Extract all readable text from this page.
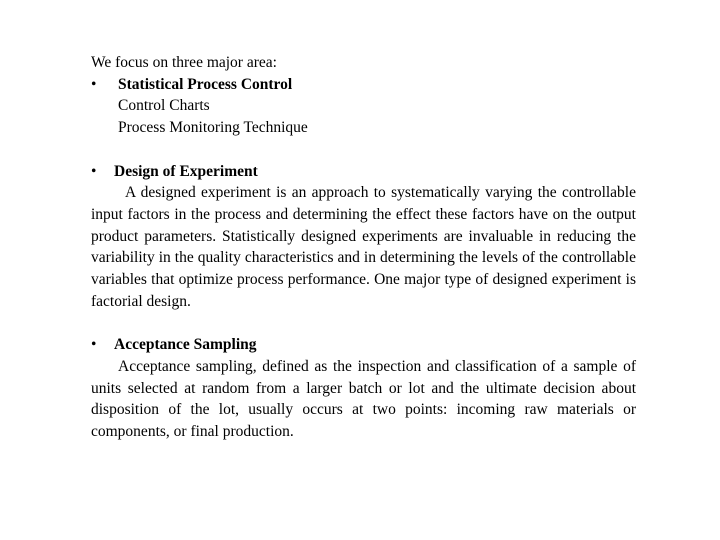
We focus on three major area:
• Statistical Process Control
Control Charts
Process Monitoring Technique
• Design of Experiment
A designed experiment is an approach to systematically varying the controllable input factors in the process and determining the effect these factors have on the output product parameters. Statistically designed experiments are invaluable in reducing the variability in the quality characteristics and in determining the levels of the controllable variables that optimize process performance. One major type of designed experiment is factorial design.
• Acceptance Sampling
Acceptance sampling, defined as the inspection and classification of a sample of units selected at random from a larger batch or lot and the ultimate decision about disposition of the lot, usually occurs at two points: incoming raw materials or components, or final production.
